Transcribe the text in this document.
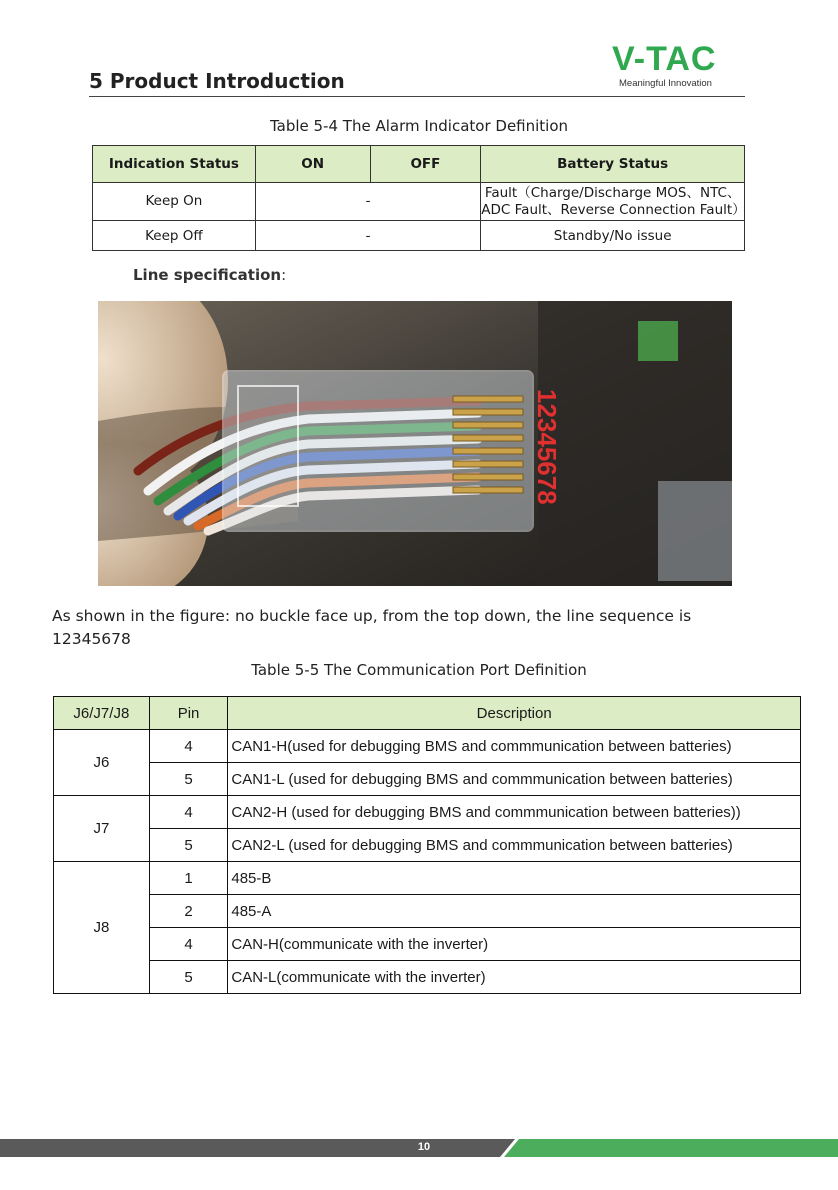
5 Product Introduction
V-TAC
Meaningful Innovation
Table 5-4 The Alarm Indicator Definition
Indication Status	ON	OFF	Battery Status
Keep On	-		Fault（Charge/Discharge MOS、NTC、
ADC Fault、Reverse Connection Fault）
Keep Off	-		Standby/No issue
Line specification:
12345678
As shown in the figure: no buckle face up, from the top down, the line sequence is
12345678
Table 5-5 The Communication Port Definition
J6/J7/J8	Pin	Description
J6	4	CAN1-H(used for debugging BMS and commmunication between batteries)
	5	CAN1-L (used for debugging BMS and commmunication between batteries)
J7	4	CAN2-H (used for debugging BMS and commmunication between batteries))
	5	CAN2-L (used for debugging BMS and commmunication between batteries)
J8	1	485-B
	2	485-A
	4	CAN-H(communicate with the inverter)
	5	CAN-L(communicate with the inverter)
10
